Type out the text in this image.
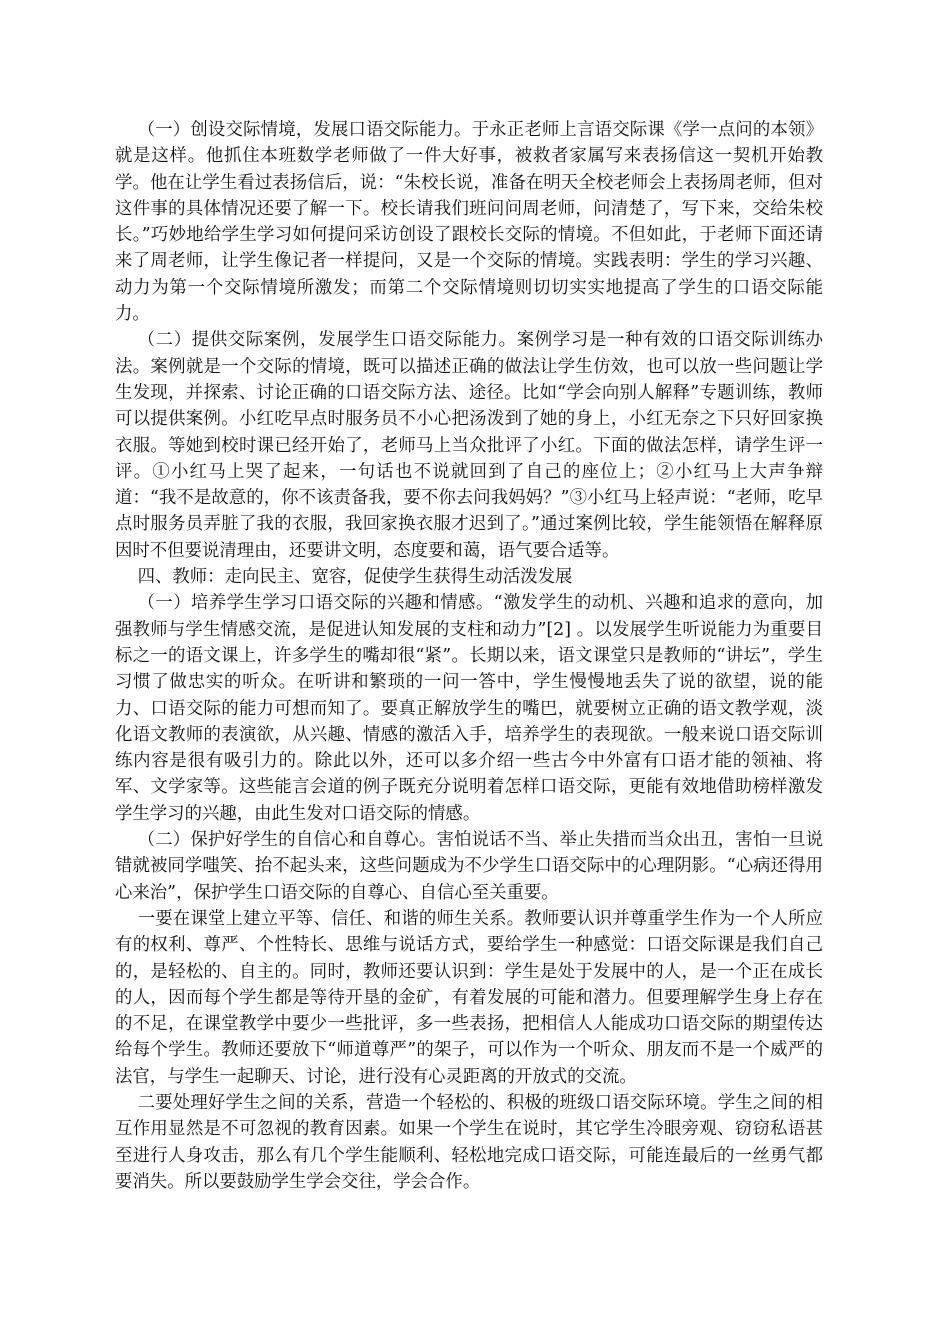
（一）创设交际情境，发展口语交际能力。于永正老师上言语交际课《学一点问的本领》就是这样。他抓住本班数学老师做了一件大好事，被救者家属写来表扬信这一契机开始教学。他在让学生看过表扬信后，说：“朱校长说，准备在明天全校老师会上表扬周老师，但对这件事的具体情况还要了解一下。校长请我们班问问周老师，问清楚了，写下来，交给朱校长。”巧妙地给学生学习如何提问采访创设了跟校长交际的情境。不但如此，于老师下面还请来了周老师，让学生像记者一样提问，又是一个交际的情境。实践表明：学生的学习兴趣、动力为第一个交际情境所激发；而第二个交际情境则切切实实地提高了学生的口语交际能力。

（二）提供交际案例，发展学生口语交际能力。案例学习是一种有效的口语交际训练办法。案例就是一个交际的情境，既可以描述正确的做法让学生仿效，也可以放一些问题让学生发现，并探索、讨论正确的口语交际方法、途径。比如“学会向别人解释”专题训练，教师可以提供案例。小红吃早点时服务员不小心把汤泼到了她的身上，小红无奈之下只好回家换衣服。等她到校时课已经开始了，老师马上当众批评了小红。下面的做法怎样，请学生评一评。①小红马上哭了起来，一句话也不说就回到了自己的座位上；②小红马上大声争辩道：“我不是故意的，你不该责备我，要不你去问我妈妈？”③小红马上轻声说：“老师，吃早点时服务员弄脏了我的衣服，我回家换衣服才迟到了。”通过案例比较，学生能领悟在解释原因时不但要说清理由，还要讲文明，态度要和蔼，语气要合适等。

四、教师：走向民主、宽容，促使学生获得生动活泼发展

（一）培养学生学习口语交际的兴趣和情感。“激发学生的动机、兴趣和追求的意向，加强教师与学生情感交流，是促进认知发展的支柱和动力”[2] 。以发展学生听说能力为重要目标之一的语文课上，许多学生的嘴却很“紧”。长期以来，语文课堂只是教师的“讲坛”，学生习惯了做忠实的听众。在听讲和繁琐的一问一答中，学生慢慢地丢失了说的欲望，说的能力、口语交际的能力可想而知了。要真正解放学生的嘴巴，就要树立正确的语文教学观，淡化语文教师的表演欲，从兴趣、情感的激活入手，培养学生的表现欲。一般来说口语交际训练内容是很有吸引力的。除此以外，还可以多介绍一些古今中外富有口语才能的领袖、将军、文学家等。这些能言会道的例子既充分说明着怎样口语交际，更能有效地借助榜样激发学生学习的兴趣，由此生发对口语交际的情感。

（二）保护好学生的自信心和自尊心。害怕说话不当、举止失措而当众出丑，害怕一旦说错就被同学嗤笑、抬不起头来，这些问题成为不少学生口语交际中的心理阴影。“心病还得用心来治”，保护学生口语交际的自尊心、自信心至关重要。

一要在课堂上建立平等、信任、和谐的师生关系。教师要认识并尊重学生作为一个人所应有的权利、尊严、个性特长、思维与说话方式，要给学生一种感觉：口语交际课是我们自己的，是轻松的、自主的。同时，教师还要认识到：学生是处于发展中的人，是一个正在成长的人，因而每个学生都是等待开垦的金矿，有着发展的可能和潜力。但要理解学生身上存在的不足，在课堂教学中要少一些批评，多一些表扬，把相信人人能成功口语交际的期望传达给每个学生。教师还要放下“师道尊严”的架子，可以作为一个听众、朋友而不是一个威严的法官，与学生一起聊天、讨论，进行没有心灵距离的开放式的交流。

二要处理好学生之间的关系，营造一个轻松的、积极的班级口语交际环境。学生之间的相互作用显然是不可忽视的教育因素。如果一个学生在说时，其它学生冷眼旁观、窃窃私语甚至进行人身攻击，那么有几个学生能顺利、轻松地完成口语交际，可能连最后的一丝勇气都要消失。所以要鼓励学生学会交往，学会合作。
